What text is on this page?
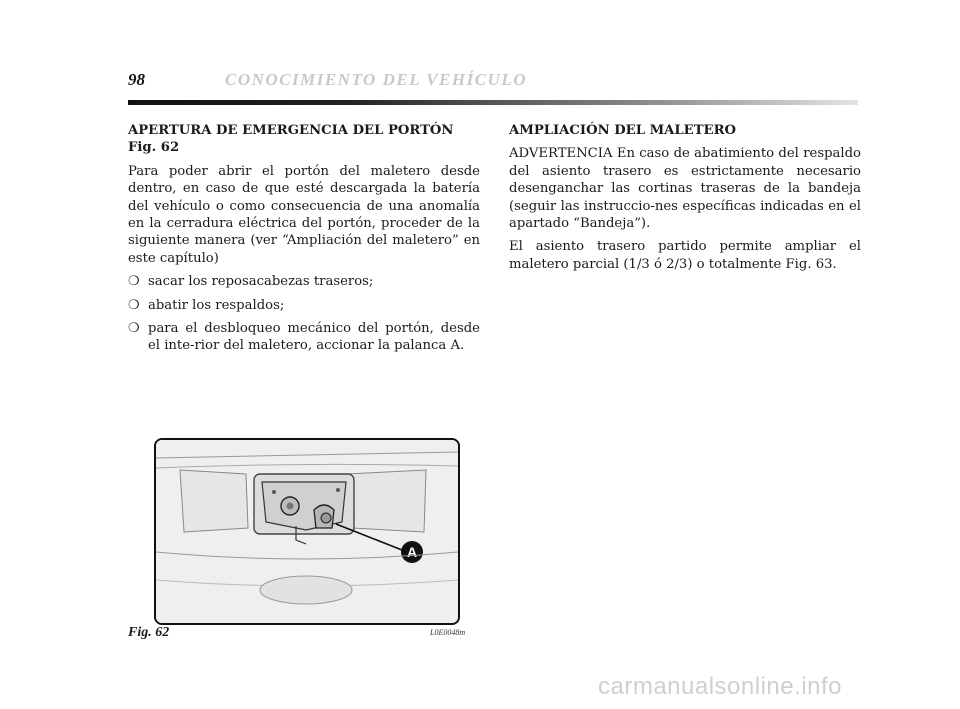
98	CONOCIMIENTO DEL VEHÍCULO
APERTURA DE EMERGENCIA DEL PORTÓN
Fig. 62

Para poder abrir el portón del maletero desde dentro, en caso de que esté descargada la batería del vehículo o como consecuencia de una anomalía en la cerradura eléctrica del portón, proceder de la siguiente manera (ver “Ampliación del maletero” en este capítulo)

❍ sacar los reposacabezas traseros;
❍ abatir los respaldos;
❍ para el desbloqueo mecánico del portón, desde el inte-rior del maletero, accionar la palanca A.
AMPLIACIÓN DEL MALETERO

ADVERTENCIA En caso de abatimiento del respaldo del asiento trasero es estrictamente necesario desenganchar las cortinas traseras de la bandeja (seguir las instruccio-nes específicas indicadas en el apartado “Bandeja”).

El asiento trasero partido permite ampliar el maletero parcial (1/3 ó 2/3) o totalmente Fig. 63.

A
Fig. 62	L0E0048m
carmanualsonline.info
